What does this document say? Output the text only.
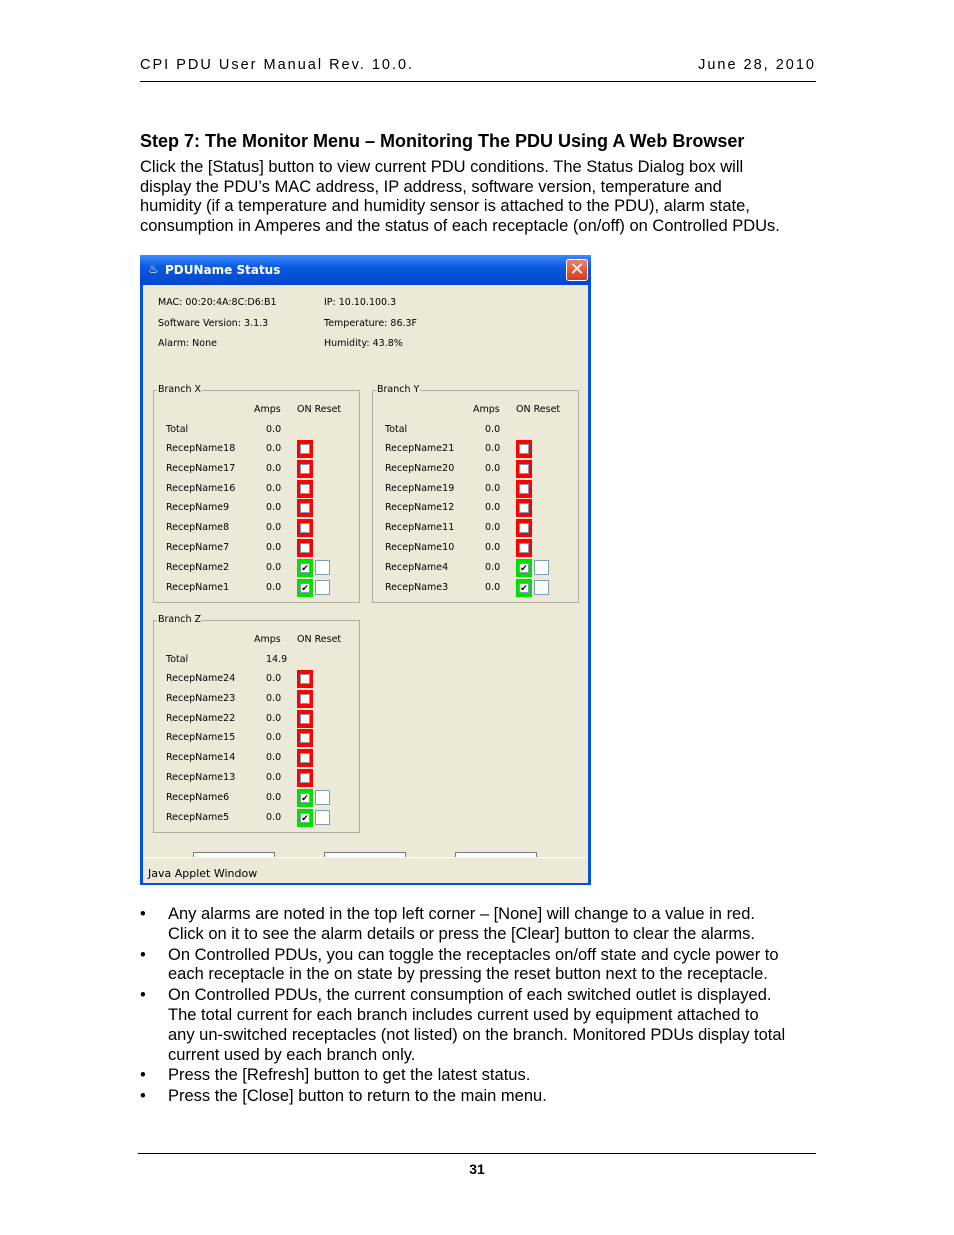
CPI PDU User Manual Rev. 10.0.	June 28, 2010
Step 7: The Monitor Menu – Monitoring The PDU Using A Web Browser
Click the [Status] button to view current PDU conditions. The Status Dialog box will
display the PDU’s MAC address, IP address, software version, temperature and
humidity (if a temperature and humidity sensor is attached to the PDU), alarm state,
consumption in Amperes and the status of each receptacle (on/off) on Controlled PDUs.
♨ PDUName Status	✕
MAC: 00:20:4A:8C:D6:B1	IP: 10.10.100.3
Software Version: 3.1.3	Temperature: 86.3F
Alarm: None	Humidity: 43.8%
Branch X
Amps ON Reset
Total	0.0
RecepName18	0.0
RecepName17	0.0
RecepName16	0.0
RecepName9	0.0
RecepName8	0.0
RecepName7	0.0
RecepName2	0.0 ✔
RecepName1	0.0 ✔
Branch Y
Amps ON Reset
Total	0.0
RecepName21	0.0
RecepName20	0.0
RecepName19	0.0
RecepName12	0.0
RecepName11	0.0
RecepName10	0.0
RecepName4	0.0 ✔
RecepName3	0.0 ✔
Branch Z
Amps ON Reset
Total	14.9
RecepName24	0.0
RecepName23	0.0
RecepName22	0.0
RecepName15	0.0
RecepName14	0.0
RecepName13	0.0
RecepName6	0.0 ✔
RecepName5	0.0 ✔
Java Applet Window
• Any alarms are noted in the top left corner – [None] will change to a value in red.
Click on it to see the alarm details or press the [Clear] button to clear the alarms.
• On Controlled PDUs, you can toggle the receptacles on/off state and cycle power to
each receptacle in the on state by pressing the reset button next to the receptacle.
• On Controlled PDUs, the current consumption of each switched outlet is displayed.
The total current for each branch includes current used by equipment attached to
any un-switched receptacles (not listed) on the branch. Monitored PDUs display total
current used by each branch only.
• Press the [Refresh] button to get the latest status.
• Press the [Close] button to return to the main menu.
31
